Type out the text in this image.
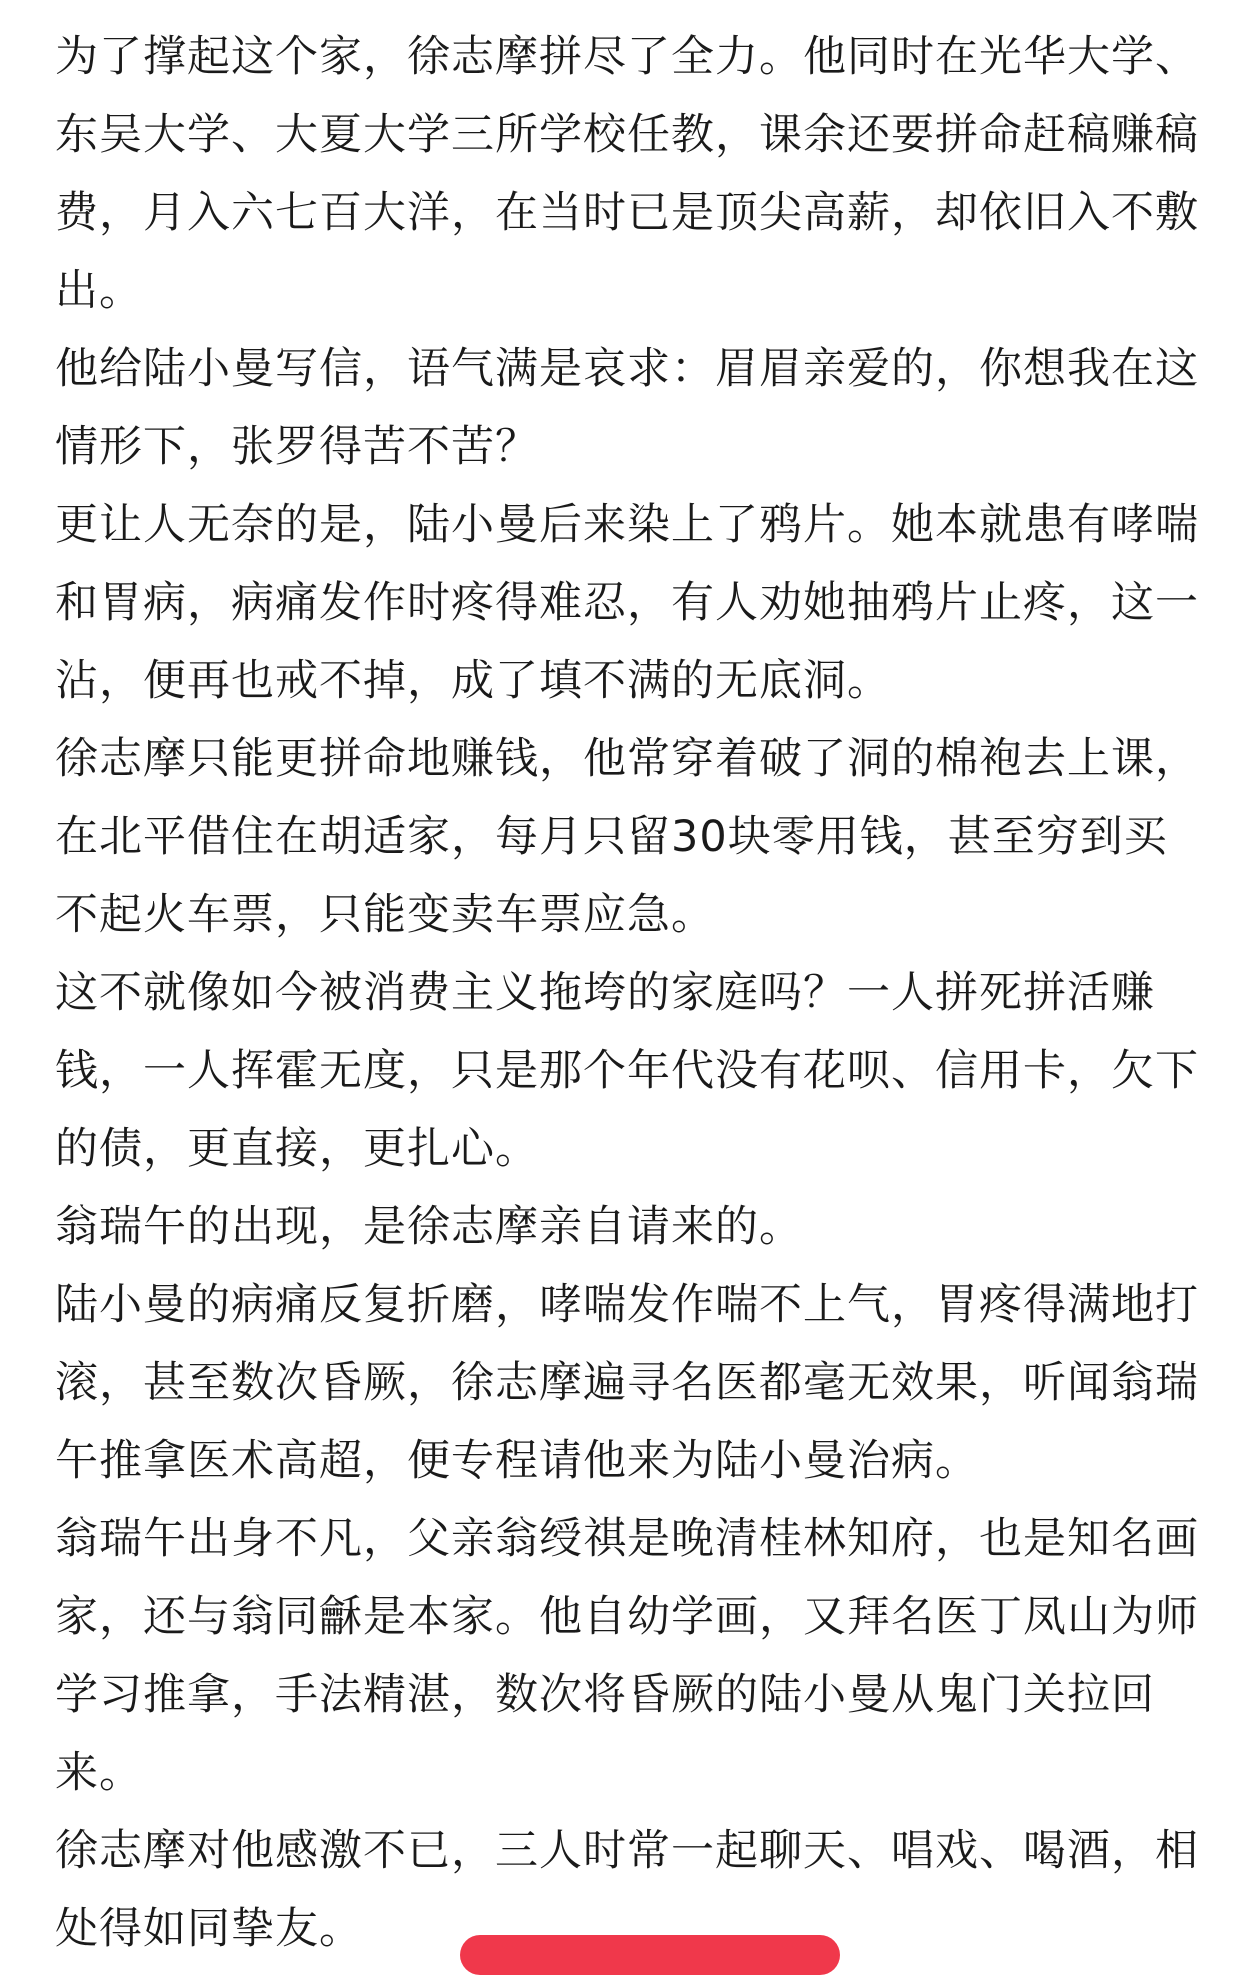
为了撑起这个家，徐志摩拼尽了全力。他同时在光华大学、东吴大学、大夏大学三所学校任教，课余还要拼命赶稿赚稿费，月入六七百大洋，在当时已是顶尖高薪，却依旧入不敷出。

他给陆小曼写信，语气满是哀求：眉眉亲爱的，你想我在这情形下，张罗得苦不苦？

更让人无奈的是，陆小曼后来染上了鸦片。她本就患有哮喘和胃病，病痛发作时疼得难忍，有人劝她抽鸦片止疼，这一沾，便再也戒不掉，成了填不满的无底洞。

徐志摩只能更拼命地赚钱，他常穿着破了洞的棉袍去上课，在北平借住在胡适家，每月只留30块零用钱，甚至穷到买不起火车票，只能变卖车票应急。

这不就像如今被消费主义拖垮的家庭吗？一人拼死拼活赚钱，一人挥霍无度，只是那个年代没有花呗、信用卡，欠下的债，更直接，更扎心。

翁瑞午的出现，是徐志摩亲自请来的。

陆小曼的病痛反复折磨，哮喘发作喘不上气，胃疼得满地打滚，甚至数次昏厥，徐志摩遍寻名医都毫无效果，听闻翁瑞午推拿医术高超，便专程请他来为陆小曼治病。

翁瑞午出身不凡，父亲翁绶祺是晚清桂林知府，也是知名画家，还与翁同龢是本家。他自幼学画，又拜名医丁凤山为师学习推拿，手法精湛，数次将昏厥的陆小曼从鬼门关拉回来。

徐志摩对他感激不已，三人时常一起聊天、唱戏、喝酒，相处得如同挚友。
